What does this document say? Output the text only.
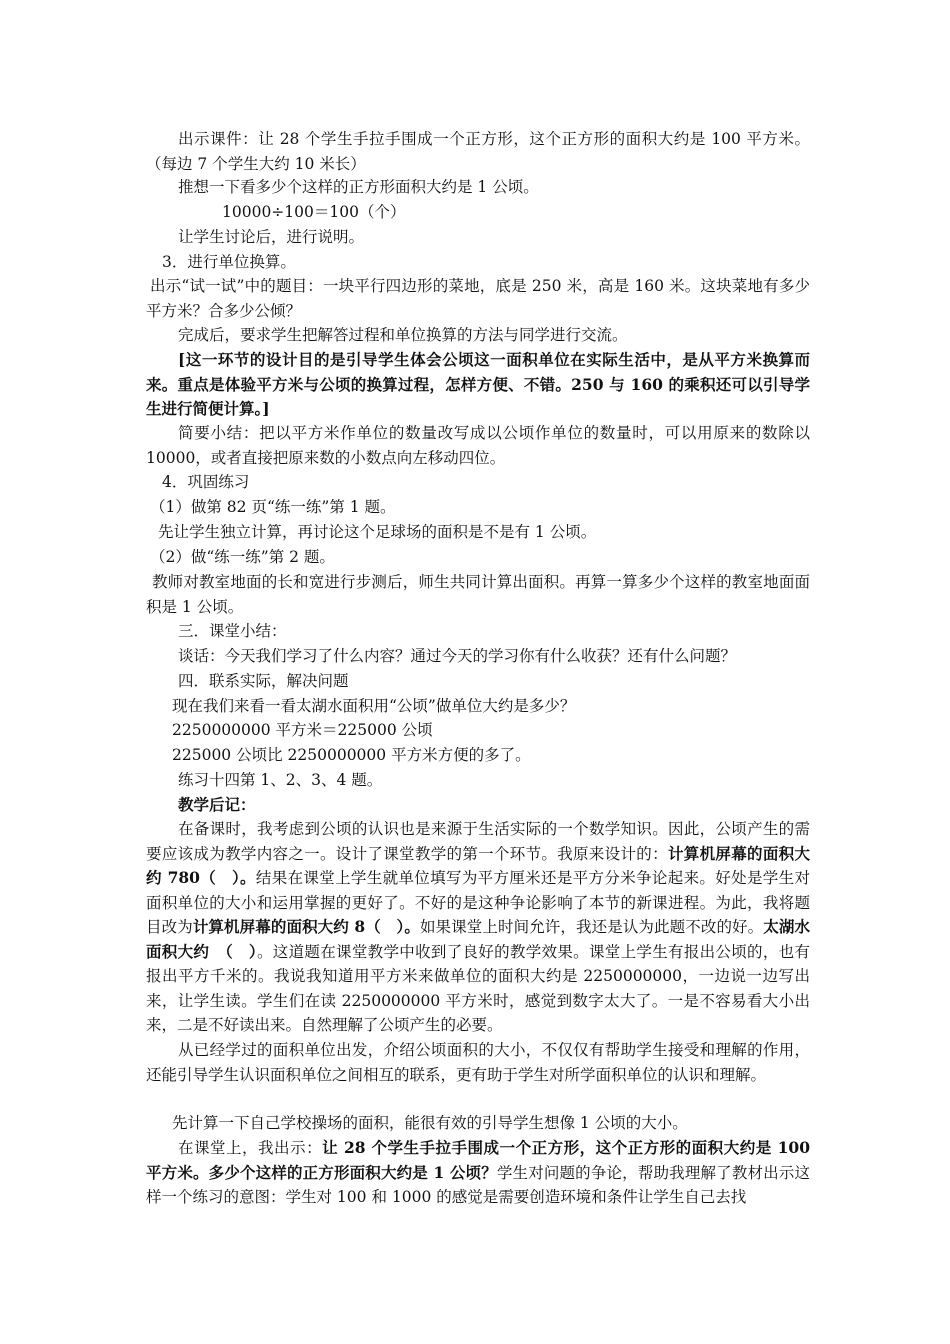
出示课件：让 28 个学生手拉手围成一个正方形，这个正方形的面积大约是 100 平方米。（每边 7 个学生大约 10 米长）

推想一下看多少个这样的正方形面积大约是 1 公顷。

10000÷100＝100（个）

让学生讨论后，进行说明。

3．进行单位换算。

出示“试一试”中的题目：一块平行四边形的菜地，底是 250 米，高是 160 米。这块菜地有多少平方米？合多少公倾？

完成后，要求学生把解答过程和单位换算的方法与同学进行交流。

[这一环节的设计目的是引导学生体会公顷这一面积单位在实际生活中，是从平方米换算而来。重点是体验平方米与公顷的换算过程，怎样方便、不错。250 与 160 的乘积还可以引导学生进行简便计算。]

简要小结：把以平方米作单位的数量改写成以公顷作单位的数量时，可以用原来的数除以 10000，或者直接把原来数的小数点向左移动四位。

4．巩固练习

（1）做第 82 页“练一练”第 1 题。

先让学生独立计算，再讨论这个足球场的面积是不是有 1 公顷。

（2）做“练一练”第 2 题。

教师对教室地面的长和宽进行步测后，师生共同计算出面积。再算一算多少个这样的教室地面面积是 1 公顷。

三．课堂小结：

谈话：今天我们学习了什么内容？通过今天的学习你有什么收获？还有什么问题？

四．联系实际，解决问题

现在我们来看一看太湖水面积用“公顷”做单位大约是多少？

2250000000 平方米＝225000 公顷

225000 公顷比 2250000000 平方米方便的多了。

练习十四第 1、2、3、4 题。

教学后记：

在备课时，我考虑到公顷的认识也是来源于生活实际的一个数学知识。因此，公顷产生的需要应该成为教学内容之一。设计了课堂教学的第一个环节。我原来设计的：计算机屏幕的面积大约 780（　）。结果在课堂上学生就单位填写为平方厘米还是平方分米争论起来。好处是学生对面积单位的大小和运用掌握的更好了。不好的是这种争论影响了本节的新课进程。为此，我将题目改为计算机屏幕的面积大约 8（　）。如果课堂上时间允许，我还是认为此题不改的好。太湖水面积大约　（　）。这道题在课堂教学中收到了良好的教学效果。课堂上学生有报出公顷的，也有报出平方千米的。我说我知道用平方米来做单位的面积大约是 2250000000，一边说一边写出来，让学生读。学生们在读 2250000000 平方米时，感觉到数字太大了。一是不容易看大小出来，二是不好读出来。自然理解了公顷产生的必要。

从已经学过的面积单位出发，介绍公顷面积的大小，不仅仅有帮助学生接受和理解的作用，还能引导学生认识面积单位之间相互的联系，更有助于学生对所学面积单位的认识和理解。

先计算一下自己学校操场的面积，能很有效的引导学生想像 1 公顷的大小。

在课堂上，我出示：让 28 个学生手拉手围成一个正方形，这个正方形的面积大约是 100 平方米。多少个这样的正方形面积大约是 1 公顷？学生对问题的争论，帮助我理解了教材出示这样一个练习的意图：学生对 100 和 1000 的感觉是需要创造环境和条件让学生自己去找
